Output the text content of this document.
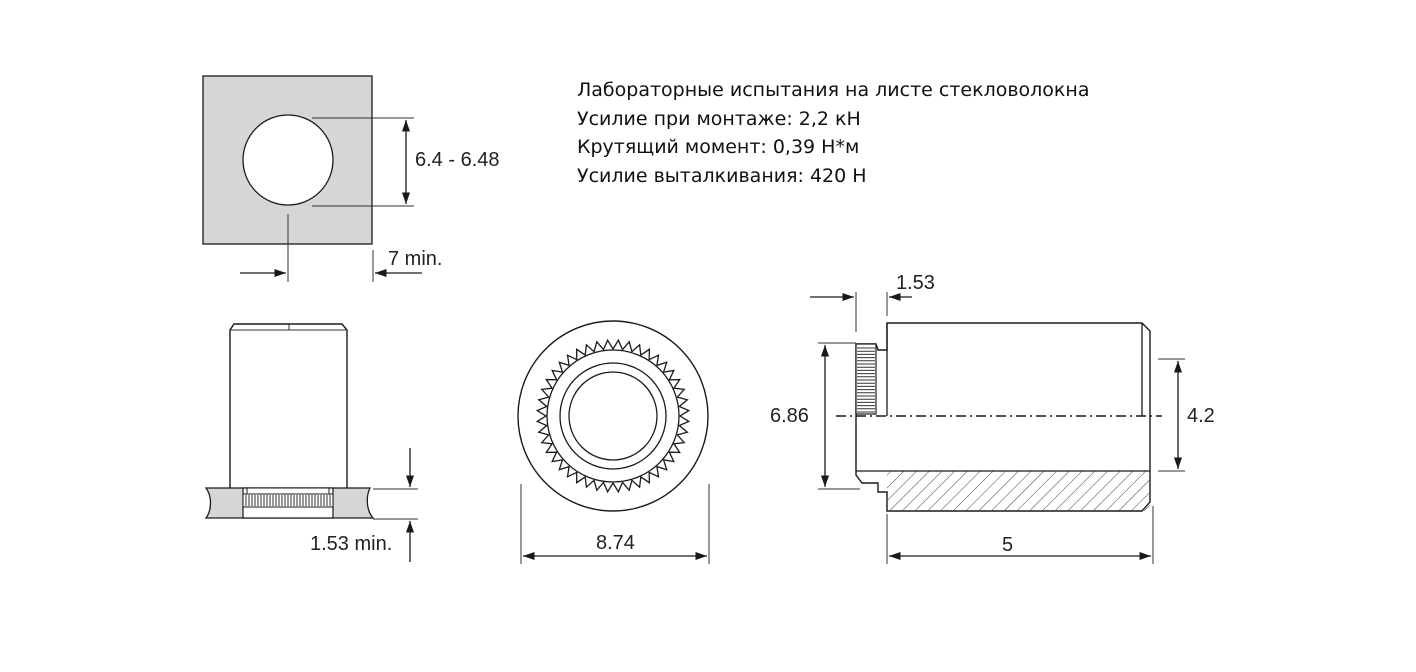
Лабораторные испытания на листе стекловолокна
Усилие при монтаже: 2,2 кН
Крутящий момент: 0,39 Н*м
Усилие выталкивания: 420 Н
6.4 - 6.48
7 min.
1.53 min.	8.74
1.53
6.86	4.2
5
